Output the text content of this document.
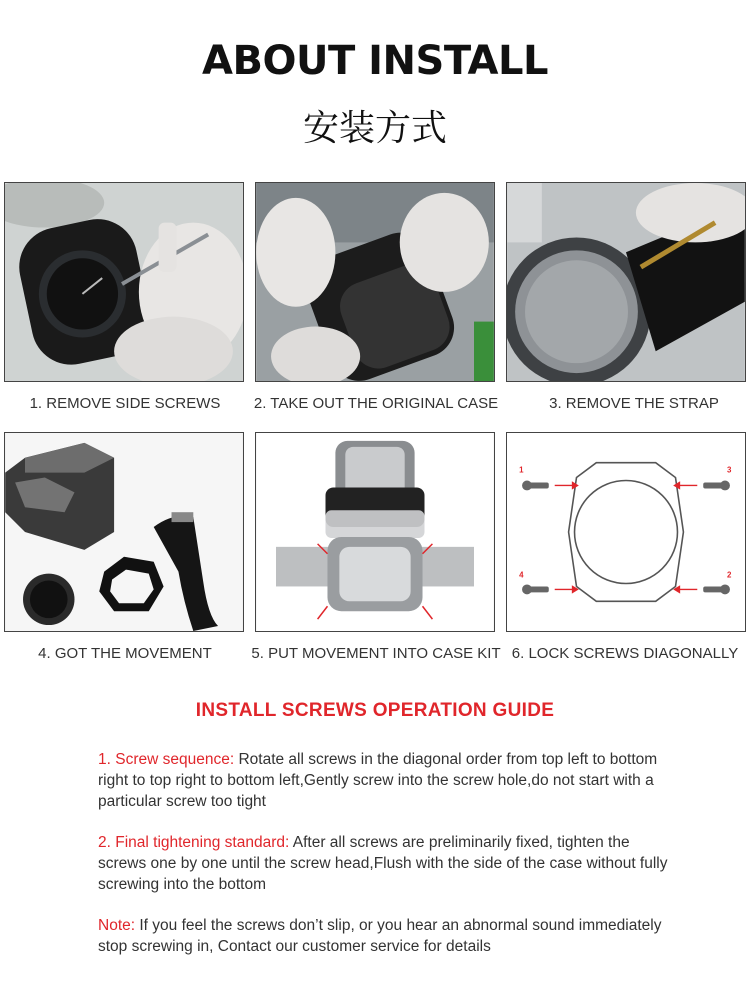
ABOUT INSTALL
安装方式
1. REMOVE SIDE SCREWS	2. TAKE OUT THE ORIGINAL CASE	3. REMOVE THE STRAP
4. GOT THE MOVEMENT	5. PUT MOVEMENT INTO CASE KIT
1	3
4	2
6. LOCK SCREWS DIAGONALLY
INSTALL SCREWS OPERATION GUIDE
1. Screw sequence: Rotate all screws in the diagonal order from top left to bottom right to top right to bottom left,Gently screw into the screw hole,do not start with a particular screw too tight
2. Final tightening standard: After all screws are preliminarily fixed, tighten the screws one by one until the screw head,Flush with the side of the case without fully screwing into the bottom
Note: If you feel the screws don’t slip, or you hear an abnormal sound immediately stop screwing in, Contact our customer service for details
